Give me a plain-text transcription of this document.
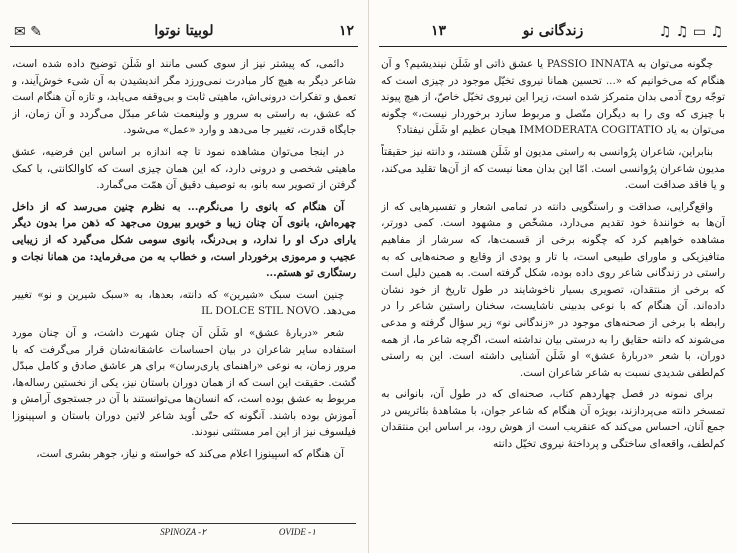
✉ ✎	لوبیتا نوتوا	۱۲

دائمی، که پیشتر نیز از سوی کسی مانند او شَلَن توضیح داده شده است، شاعر دیگر به هیچ کار مبادرت نمی‌ورزد مگر اندیشیدن به آن شیء خوش‌آیند، و تعمق و تفکرات درونی‌اش، ماهیتی ثابت و بی‌وقفه می‌یابد، و تازه آن هنگام است که عشق، به راستی به سرور و ولینعمت شاعر مبدّل می‌گردد و آن زمان، از جایگاه قدرت، تغییر جا می‌دهد و وارد «عمل» می‌شود.

در اینجا می‌توان مشاهده نمود تا چه اندازه بر اساس این فرضیه، عشق ماهیتی شخصی و درونی دارد، که این همان چیزی است که کاوالکانتی، با کمک گرفتن از تصویر سه بانو، به توصیف دقیق آن همّت می‌گمارد.

آن هنگام که بانوی را می‌نگرم... به نظرم چنین می‌رسد که از داخل چهره‌اش، بانوی آن چنان زیبا و خوبرو بیرون می‌جهد که ذهن مرا بدون دیگر یارای درک او را ندارد، و بی‌درنگ، بانوی سومی شکل می‌گیرد که از زیبایی عجیب و مرموزی برخوردار است، و خطاب به من می‌فرماید: من همانا نجات و رستگاری تو هستم...

چنین است سبک «شیرین» که دانته، بعدها، به «سبک شیرین و نو» تغییر می‌دهد. IL DOLCE STIL NOVO

شعر «درباره‌ٔ عشق» او شَلَن آن چنان شهرت داشت، و آن چنان مورد استفاده سایر شاعران در بیان احساسات عاشقانه‌شان قرار می‌گرفت که با مرور زمان، به نوعی «راهنمای یاری‌رسان» برای هر عاشق صادق و کامل مبدّل گشت. حقیقت این است که از همان دوران باستان نیز، یکی از نخستین رساله‌ها، مربوط به عشق بوده است، که انسان‌ها می‌توانستند با آن در جستجوی آرامش و آموزش بوده باشند. آنگونه که حتّی اُوید شاعر لاتین دوران باستان و اسپینوزا فیلسوف نیز از این امر مستثنی نبودند.

آن هنگام که اسپینوزا اعلام می‌کند که خواسته و نیاز، جوهر بشری است،

OVIDE -۱
SPINOZA -۲
♫ ♫ ▭ ♫
زندگانی نو
۱۳

چگونه می‌توان به PASSIO INNATA یا عشق ذاتی او شَلَن نیندیشیم؟ و آن هنگام که می‌خوانیم که «... تحسین همانا نیروی تخیّل موجود در چیزی است که توجّه روح آدمی بدان متمرکز شده است، زیرا این نیروی تخیّل خاصّ، از هیچ پیوند با چیزی که وی را به دیگران متّصل و مربوط سازد برخوردار نیست،» چگونه می‌توان به یاد IMMODERATA COGITATIO هیجان عظیم او شَلَن نیفتاد؟

بنابراین، شاعران پرُوانسی به راستی مدیون او شَلَن هستند، و دانته نیز حقیقتاً مدیون شاعران پرُوانسی است. امّا این بدان معنا نیست که از آن‌ها تقلید می‌کند، و یا فاقد صداقت است.

واقع‌گرایی، صداقت و راستگویی دانته در تمامی اشعار و تفسیرهایی که از آن‌ها به خواننده‌ٔ خود تقدیم می‌دارد، مشخّص و مشهود است. کمی دورتر، مشاهده خواهیم کرد که چگونه برخی از قسمت‌ها، که سرشار از مفاهیم متافیزیکی و ماورای طبیعی است، با تار و پودی از وقایع و صحنه‌هایی که به راستی در زندگانی شاعر روی داده بوده، شکل گرفته است. به همین دلیل است که برخی از منتقدان، تصویری بسیار ناخوشایند در طول تاریخ از خود نشان داده‌اند. آن هنگام که با نوعی بدبینی ناشایست، سخنان راستین شاعر را در رابطه با برخی از صحنه‌های موجود در «زندگانی نو» زیر سؤال گرفته و مدعی می‌شوند که دانته حقایق را به درستی بیان نداشته است، اگرچه شاعر ما، از همه دوران، با شعر «درباره‌ٔ عشق» او شَلَن آشنایی داشته است. این به راستی کم‌لطفی شدیدی نسبت به شاعر شاعران است.

برای نمونه در فصل چهاردهم کتاب، صحنه‌ای که در طول آن، بانوانی به تمسخر دانته می‌پردازند، بویژه آن هنگام که شاعر جوان، با مشاهدهٔ بئاتریس در جمع آنان، احساس می‌کند که عنقریب است از هوش رود، بر اساس این منتقدان کم‌لطف، واقعه‌ای ساختگی و پرداختهٔ نیروی تخیّل دانته
